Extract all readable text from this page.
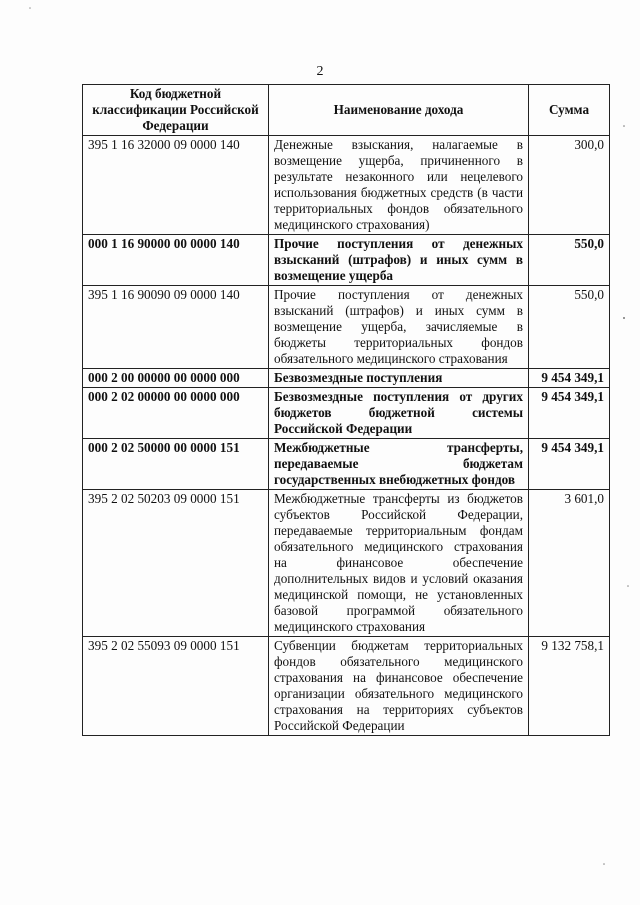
2
Код бюджетной классификации Российской Федерации	Наименование дохода	Сумма
395 1 16 32000 09 0000 140	Денежные взыскания, налагаемые в возмещение ущерба, причиненного в результате незаконного или нецелевого использования бюджетных средств (в части территориальных фондов обязательного медицинского страхования)	300,0
000 1 16 90000 00 0000 140	Прочие поступления от денежных взысканий (штрафов) и иных сумм в возмещение ущерба	550,0
395 1 16 90090 09 0000 140	Прочие поступления от денежных взысканий (штрафов) и иных сумм в возмещение ущерба, зачисляемые в бюджеты территориальных фондов обязательного медицинского страхования	550,0
000 2 00 00000 00 0000 000	Безвозмездные поступления	9 454 349,1
000 2 02 00000 00 0000 000	Безвозмездные поступления от других бюджетов бюджетной системы Российской Федерации	9 454 349,1
000 2 02 50000 00 0000 151	Межбюджетные трансферты, передаваемые бюджетам государственных внебюджетных фондов	9 454 349,1
395 2 02 50203 09 0000 151	Межбюджетные трансферты из бюджетов субъектов Российской Федерации, передаваемые территориальным фондам обязательного медицинского страхования на финансовое обеспечение дополнительных видов и условий оказания медицинской помощи, не установленных базовой программой обязательного медицинского страхования	3 601,0
395 2 02 55093 09 0000 151	Субвенции бюджетам территориальных фондов обязательного медицинского страхования на финансовое обеспечение организации обязательного медицинского страхования на территориях субъектов Российской Федерации	9 132 758,1
